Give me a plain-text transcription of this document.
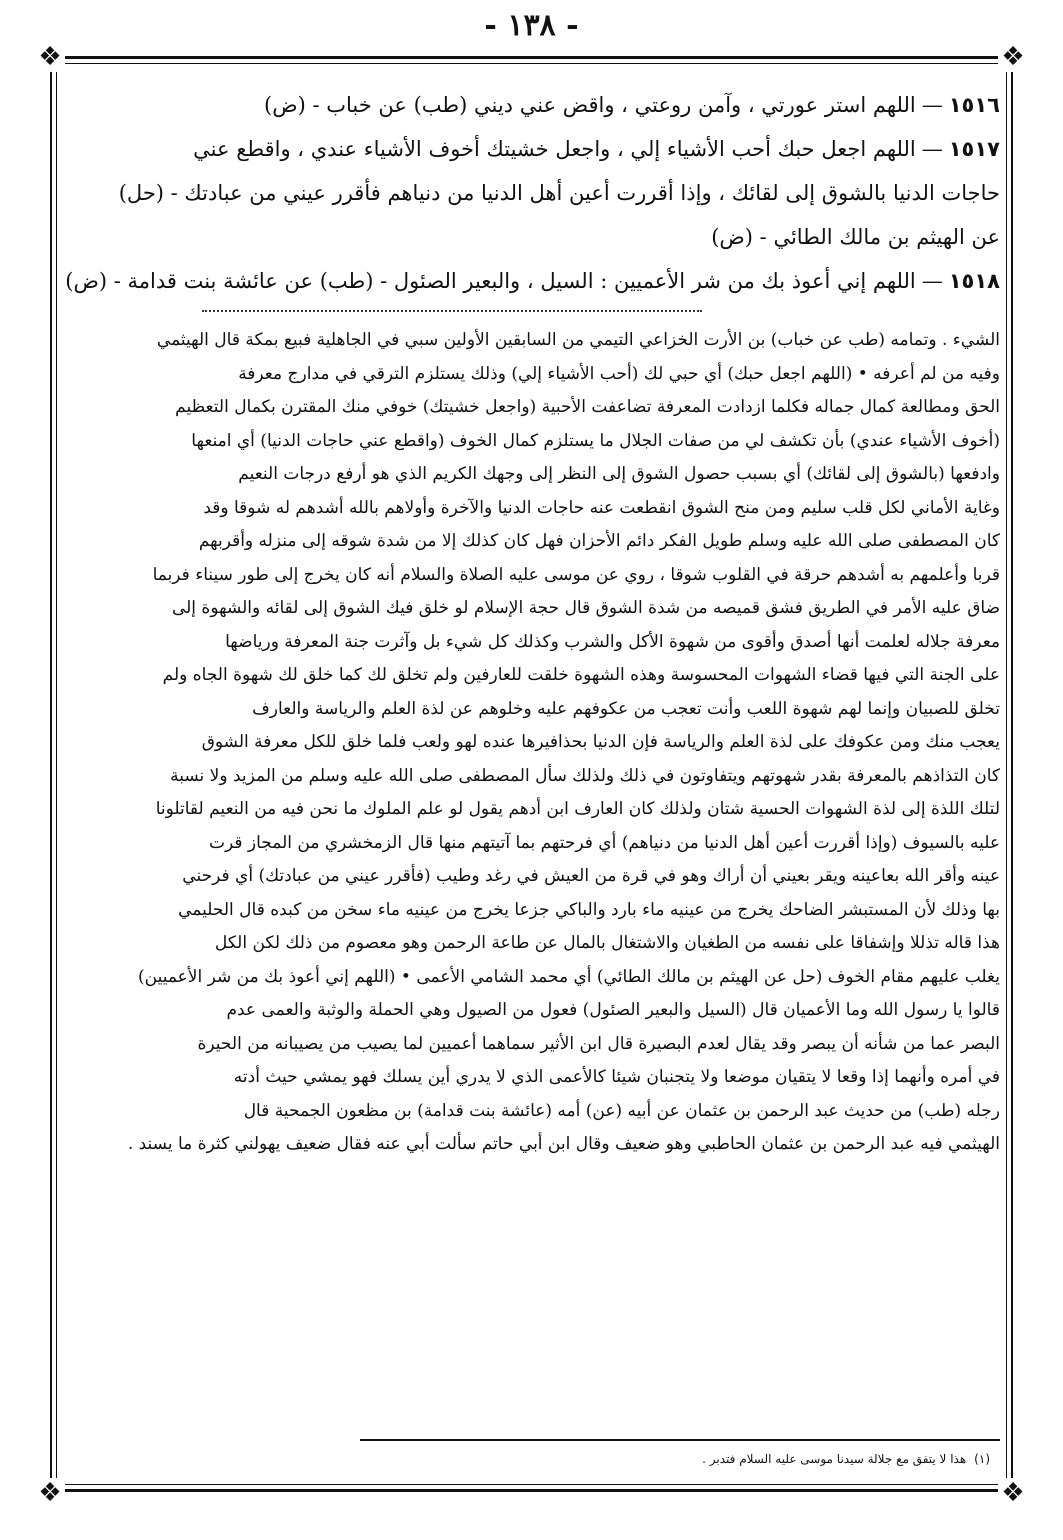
- ١٣٨ -
❖	❖
❖	❖
١٥١٦—اللهم استر عورتي ، وآمن روعتي ، واقض عني ديني (طب) عن خباب - (ض)
١٥١٧—اللهم اجعل حبك أحب الأشياء إلي ، واجعل خشيتك أخوف الأشياء عندي ، واقطع عني
حاجات الدنيا بالشوق إلى لقائك ، وإذا أقررت أعين أهل الدنيا من دنياهم فأقرر عيني من عبادتك - (حل)
عن الهيثم بن مالك الطائي - (ض)
١٥١٨—اللهم إني أعوذ بك من شر الأعميين : السيل ، والبعير الصئول - (طب) عن عائشة بنت قدامة - (ض)

الشيء . وتمامه (طب عن خباب) بن الأرت الخزاعي التيمي من السابقين الأولين سبي في الجاهلية فبيع بمكة قال الهيثمي

وفيه من لم أعرفه • (اللهم اجعل حبك) أي حبي لك (أحب الأشياء إلي) وذلك يستلزم الترقي في مدارج معرفة

الحق ومطالعة كمال جماله فكلما ازدادت المعرفة تضاعفت الأحبية (واجعل خشيتك) خوفي منك المقترن بكمال التعظيم

(أخوف الأشياء عندي) بأن تكشف لي من صفات الجلال ما يستلزم كمال الخوف (واقطع عني حاجات الدنيا) أي امنعها

وادفعها (بالشوق إلى لقائك) أي بسبب حصول الشوق إلى النظر إلى وجهك الكريم الذي هو أرفع درجات النعيم

وغاية الأماني لكل قلب سليم ومن منح الشوق انقطعت عنه حاجات الدنيا والآخرة وأولاهم بالله أشدهم له شوقا وقد

كان المصطفى صلى الله عليه وسلم طويل الفكر دائم الأحزان فهل كان كذلك إلا من شدة شوقه إلى منزله وأقربهم

قربا وأعلمهم به أشدهم حرقة في القلوب شوقا ، روي عن موسى عليه الصلاة والسلام أنه كان يخرج إلى طور سيناء فربما

ضاق عليه الأمر في الطريق فشق قميصه من شدة الشوق قال حجة الإسلام لو خلق فيك الشوق إلى لقائه والشهوة إلى

معرفة جلاله لعلمت أنها أصدق وأقوى من شهوة الأكل والشرب وكذلك كل شيء بل وآثرت جنة المعرفة ورياضها

على الجنة التي فيها قضاء الشهوات المحسوسة وهذه الشهوة خلقت للعارفين ولم تخلق لك كما خلق لك شهوة الجاه ولم

تخلق للصبيان وإنما لهم شهوة اللعب وأنت تعجب من عكوفهم عليه وخلوهم عن لذة العلم والرياسة والعارف

يعجب منك ومن عكوفك على لذة العلم والرياسة فإن الدنيا بحذافيرها عنده لهو ولعب فلما خلق للكل معرفة الشوق

كان التذاذهم بالمعرفة بقدر شهوتهم ويتفاوتون في ذلك ولذلك سأل المصطفى صلى الله عليه وسلم من المزيد ولا نسبة

لتلك اللذة إلى لذة الشهوات الحسية شتان ولذلك كان العارف ابن أدهم يقول لو علم الملوك ما نحن فيه من النعيم لقاتلونا

عليه بالسيوف (وإذا أقررت أعين أهل الدنيا من دنياهم) أي فرحتهم بما آتيتهم منها قال الزمخشري من المجاز قرت

عينه وأقر الله بعاعينه ويقر بعيني أن أراك وهو في قرة من العيش في رغد وطيب (فأقرر عيني من عبادتك) أي فرحني

بها وذلك لأن المستبشر الضاحك يخرج من عينيه ماء بارد والباكي جزعا يخرج من عينيه ماء سخن من كبده قال الحليمي

هذا قاله تذللا وإشفاقا على نفسه من الطغيان والاشتغال بالمال عن طاعة الرحمن وهو معصوم من ذلك لكن الكل

يغلب عليهم مقام الخوف (حل عن الهيثم بن مالك الطائي) أي محمد الشامي الأعمى • (اللهم إني أعوذ بك من شر الأعميين)

قالوا يا رسول الله وما الأعميان قال (السيل والبعير الصئول) فعول من الصيول وهي الحملة والوثبة والعمى عدم

البصر عما من شأنه أن يبصر وقد يقال لعدم البصيرة قال ابن الأثير سماهما أعميين لما يصيب من يصيبانه من الحيرة

في أمره وأنهما إذا وقعا لا يتقيان موضعا ولا يتجنبان شيئا كالأعمى الذي لا يدري أين يسلك فهو يمشي حيث أدته

رجله (طب) من حديث عبد الرحمن بن عثمان عن أبيه (عن) أمه (عائشة بنت قدامة) بن مظعون الجمحية قال

الهيثمي فيه عبد الرحمن بن عثمان الحاطبي وهو ضعيف وقال ابن أبي حاتم سألت أبي عنه فقال ضعيف يهولني كثرة ما يسند .

(١)هذا لا يتفق مع جلالة سيدنا موسى عليه السلام فتدبر .
